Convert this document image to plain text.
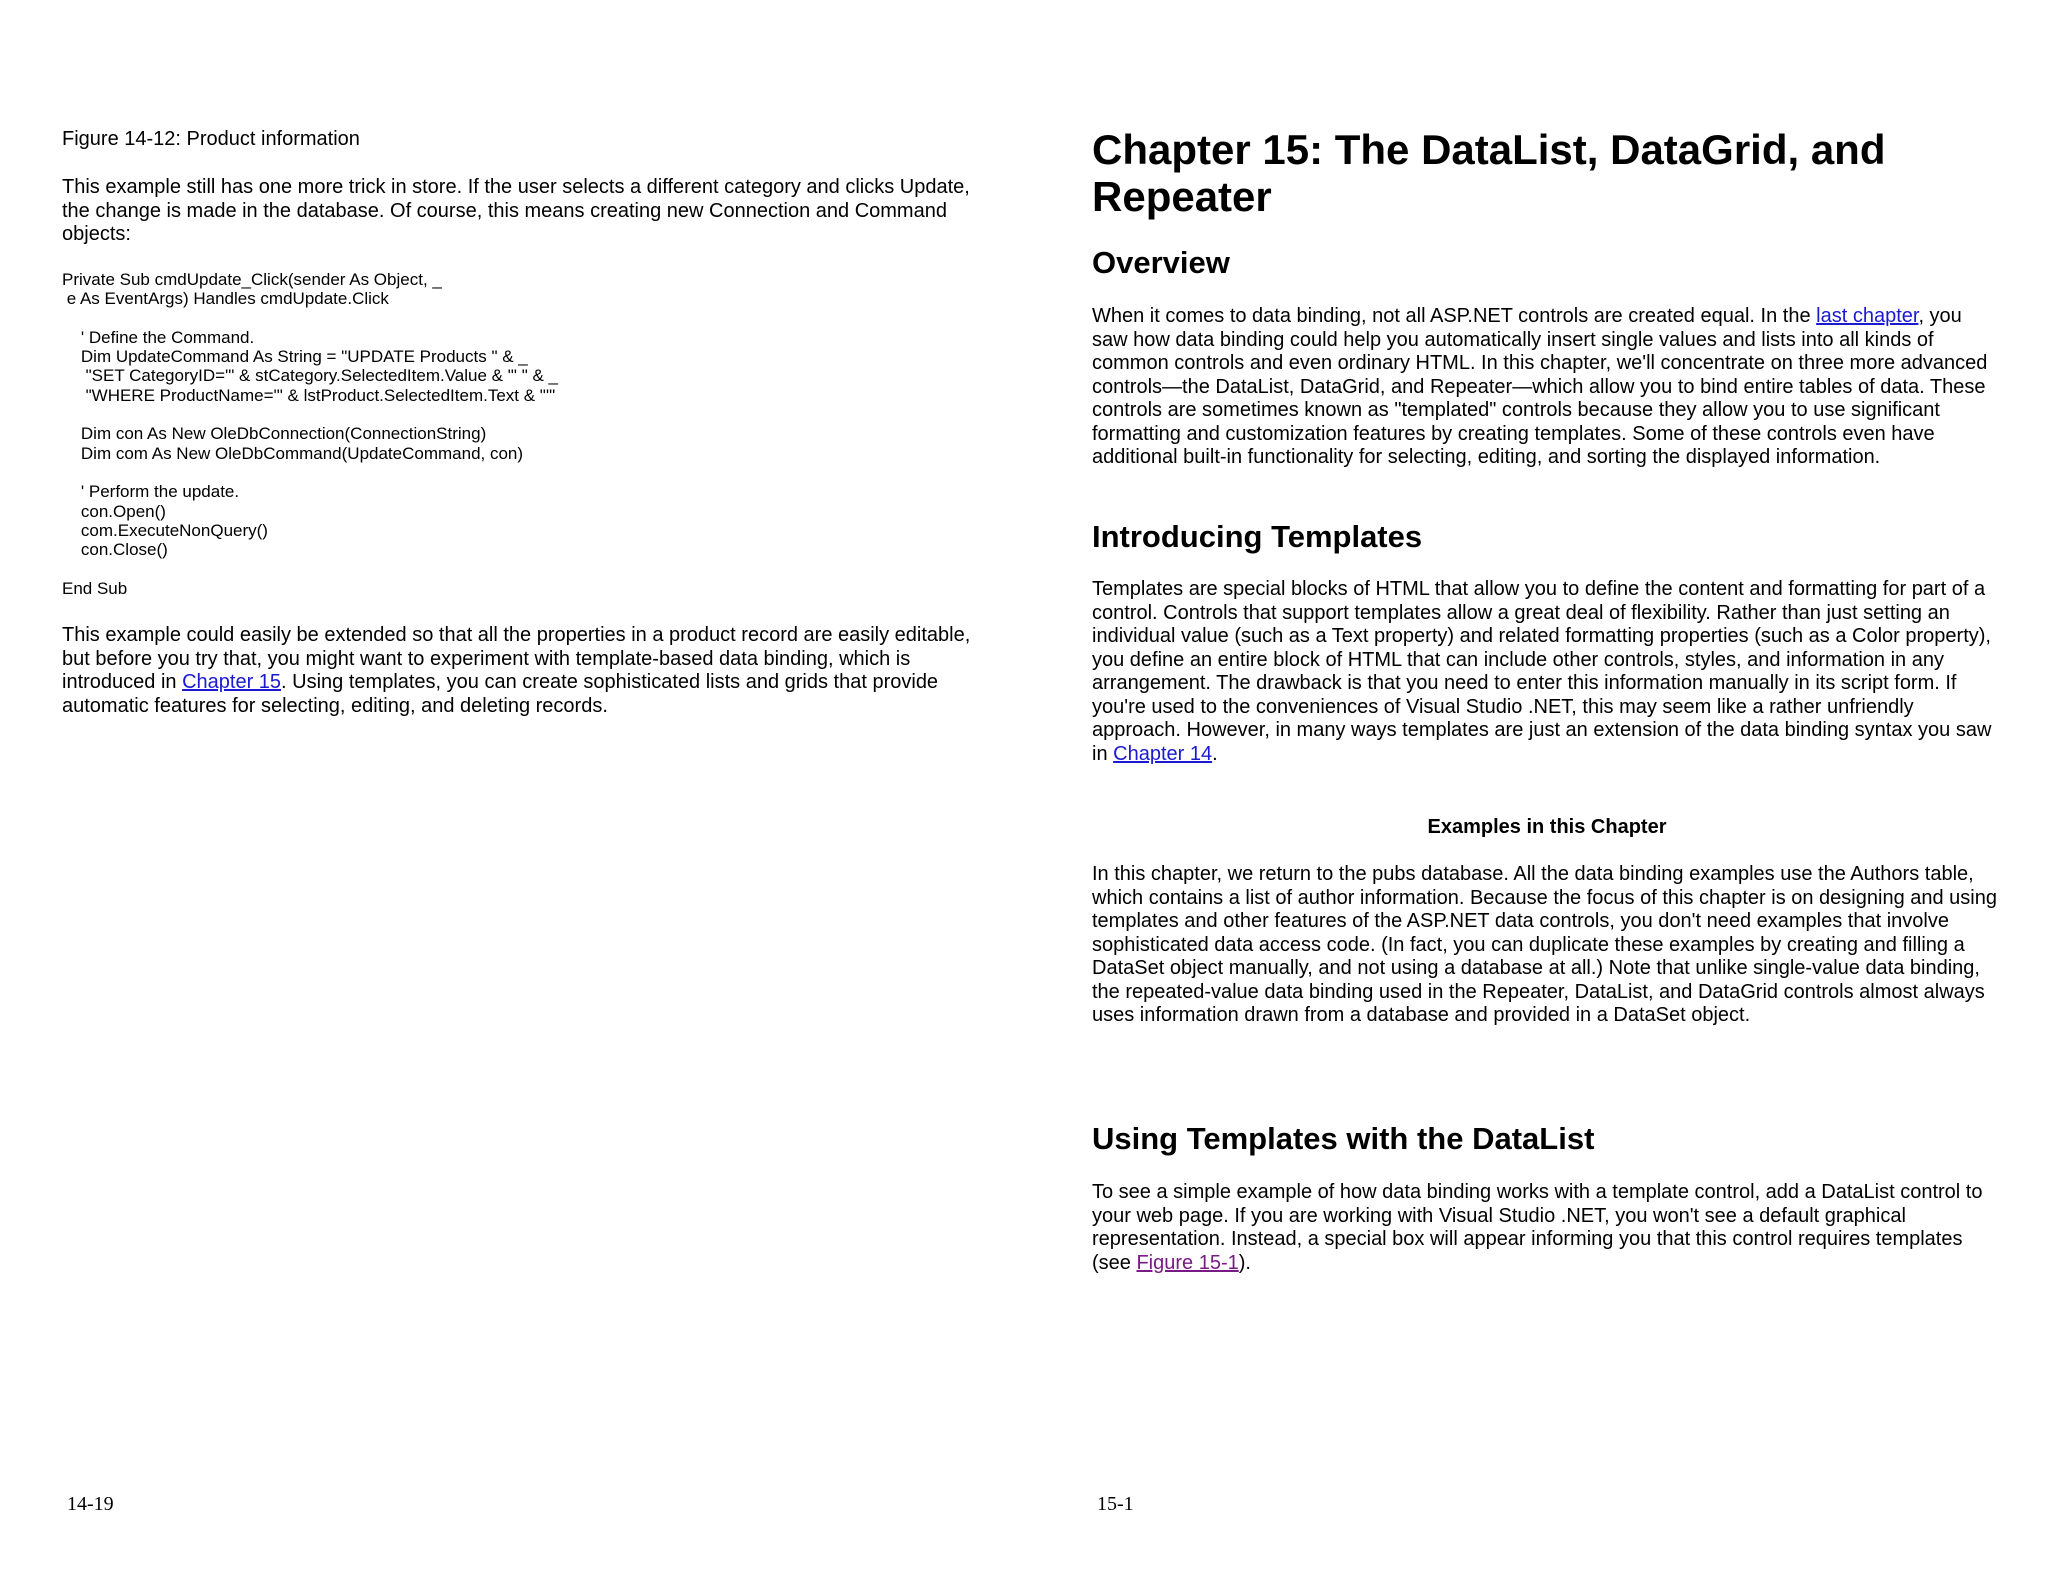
Figure 14-12: Product information

This example still has one more trick in store. If the user selects a different category and clicks Update, the change is made in the database. Of course, this means creating new Connection and Command objects:

Private Sub cmdUpdate_Click(sender As Object, _
e As EventArgs) Handles cmdUpdate.Click

' Define the Command.
Dim UpdateCommand As String = "UPDATE Products " & _
"SET CategoryID='" & stCategory.SelectedItem.Value & "' " & _
"WHERE ProductName='" & lstProduct.SelectedItem.Text & "'"

Dim con As New OleDbConnection(ConnectionString)
Dim com As New OleDbCommand(UpdateCommand, con)

' Perform the update.
con.Open()
com.ExecuteNonQuery()
con.Close()

End Sub

This example could easily be extended so that all the properties in a product record are easily editable, but before you try that, you might want to experiment with template-based data binding, which is introduced in Chapter 15. Using templates, you can create sophisticated lists and grids that provide automatic features for selecting, editing, and deleting records.

14-19

Chapter 15: The DataList, DataGrid, and Repeater
Overview

When it comes to data binding, not all ASP.NET controls are created equal. In the last chapter, you saw how data binding could help you automatically insert single values and lists into all kinds of common controls and even ordinary HTML. In this chapter, we'll concentrate on three more advanced controls—the DataList, DataGrid, and Repeater—which allow you to bind entire tables of data. These controls are sometimes known as "templated" controls because they allow you to use significant formatting and customization features by creating templates. Some of these controls even have additional built-in functionality for selecting, editing, and sorting the displayed information.

Introducing Templates

Templates are special blocks of HTML that allow you to define the content and formatting for part of a control. Controls that support templates allow a great deal of flexibility. Rather than just setting an individual value (such as a Text property) and related formatting properties (such as a Color property), you define an entire block of HTML that can include other controls, styles, and information in any arrangement. The drawback is that you need to enter this information manually in its script form. If you're used to the conveniences of Visual Studio .NET, this may seem like a rather unfriendly approach. However, in many ways templates are just an extension of the data binding syntax you saw in Chapter 14.

Examples in this Chapter

In this chapter, we return to the pubs database. All the data binding examples use the Authors table, which contains a list of author information. Because the focus of this chapter is on designing and using templates and other features of the ASP.NET data controls, you don't need examples that involve sophisticated data access code. (In fact, you can duplicate these examples by creating and filling a DataSet object manually, and not using a database at all.) Note that unlike single-value data binding, the repeated-value data binding used in the Repeater, DataList, and DataGrid controls almost always uses information drawn from a database and provided in a DataSet object.

Using Templates with the DataList

To see a simple example of how data binding works with a template control, add a DataList control to your web page. If you are working with Visual Studio .NET, you won't see a default graphical representation. Instead, a special box will appear informing you that this control requires templates (see Figure 15-1).

15-1
